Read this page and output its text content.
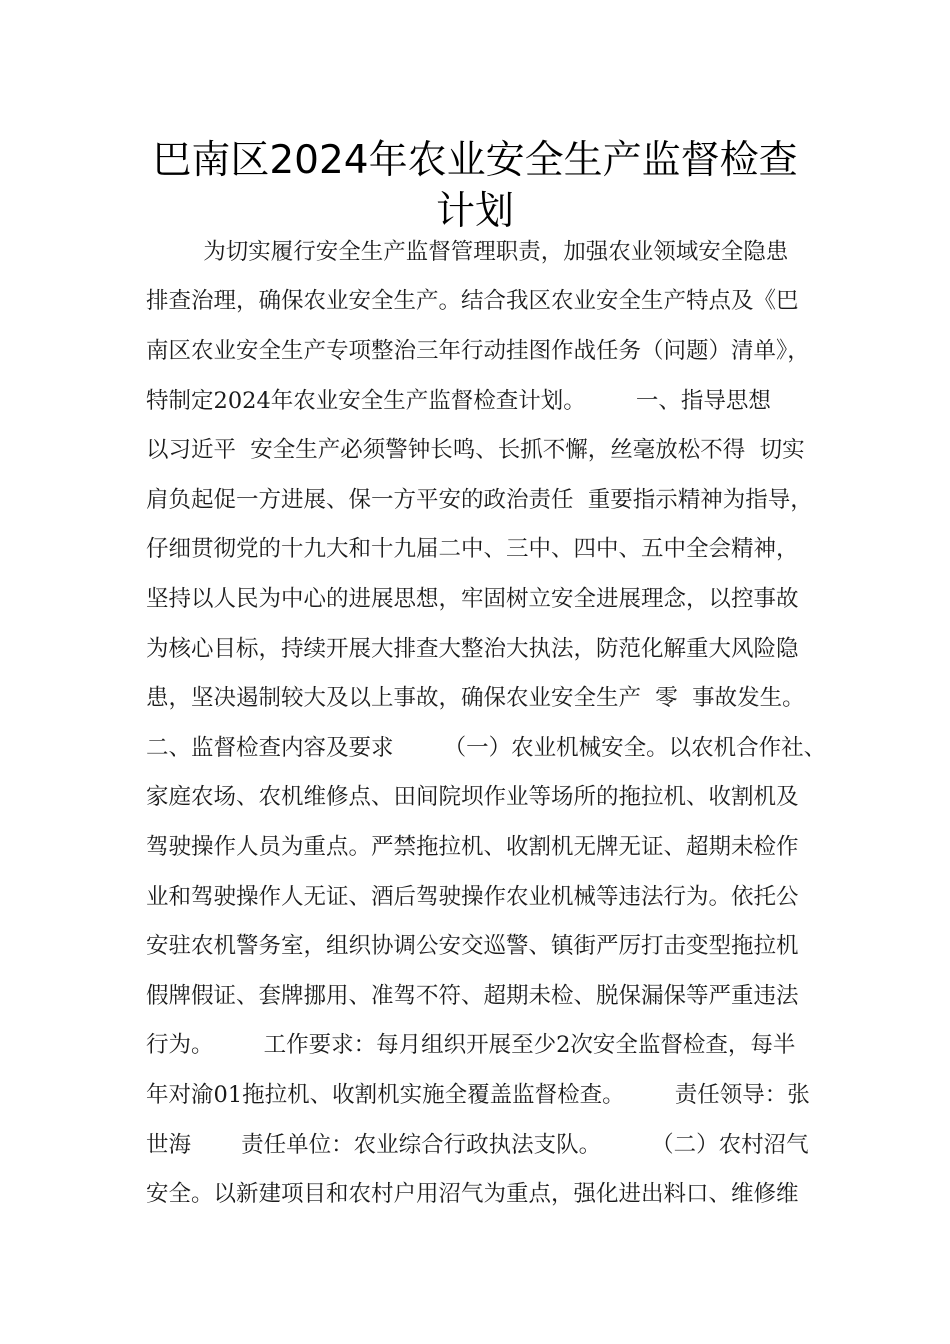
巴南区2024年农业安全生产监督检查
计划
为切实履行安全生产监督管理职责，加强农业领域安全隐患
排查治理，确保农业安全生产。结合我区农业安全生产特点及《巴
南区农业安全生产专项整治三年行动挂图作战任务（问题）清单》，
特制定2024年农业安全生产监督检查计划。       一、指导思想
以习近平  安全生产必须警钟长鸣、长抓不懈，丝毫放松不得  切实
肩负起促一方进展、保一方平安的政治责任  重要指示精神为指导，
仔细贯彻党的十九大和十九届二中、三中、四中、五中全会精神，
坚持以人民为中心的进展思想，牢固树立安全进展理念，以控事故
为核心目标，持续开展大排查大整治大执法，防范化解重大风险隐
患，坚决遏制较大及以上事故，确保农业安全生产  零  事故发生。
二、监督检查内容及要求       （一）农业机械安全。以农机合作社、
家庭农场、农机维修点、田间院坝作业等场所的拖拉机、收割机及
驾驶操作人员为重点。严禁拖拉机、收割机无牌无证、超期未检作
业和驾驶操作人无证、酒后驾驶操作农业机械等违法行为。依托公
安驻农机警务室，组织协调公安交巡警、镇街严厉打击变型拖拉机
假牌假证、套牌挪用、准驾不符、超期未检、脱保漏保等严重违法
行为。       工作要求：每月组织开展至少2次安全监督检查，每半
年对渝01拖拉机、收割机实施全覆盖监督检查。       责任领导：张
世海       责任单位：农业综合行政执法支队。       （二）农村沼气
安全。以新建项目和农村户用沼气为重点，强化进出料口、维修维
